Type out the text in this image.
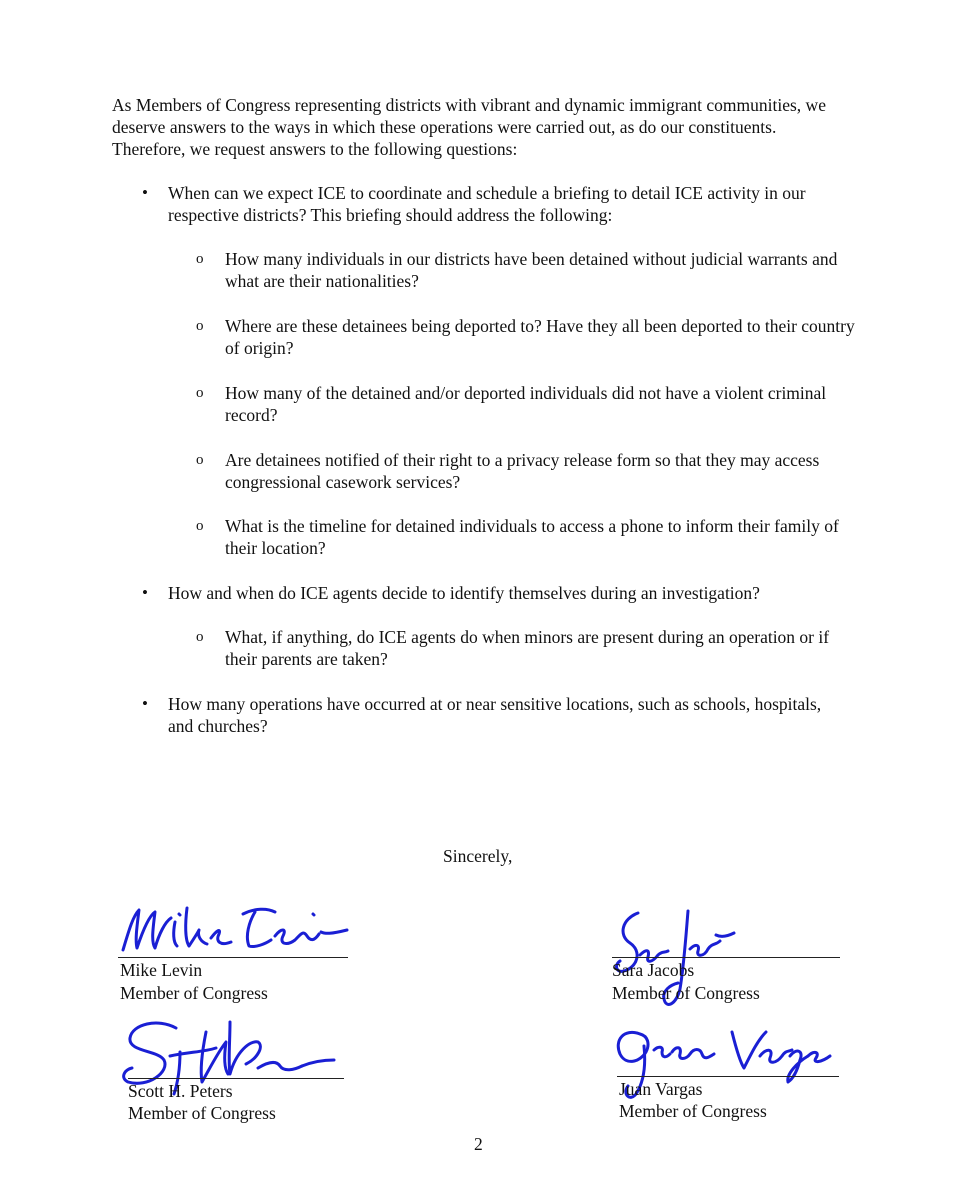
As Members of Congress representing districts with vibrant and dynamic immigrant communities, we deserve answers to the ways in which these operations were carried out, as do our constituents. Therefore, we request answers to the following questions:

• When can we expect ICE to coordinate and schedule a briefing to detail ICE activity in our respective districts? This briefing should address the following:

o How many individuals in our districts have been detained without judicial warrants and what are their nationalities?

o Where are these detainees being deported to? Have they all been deported to their country of origin?

o How many of the detained and/or deported individuals did not have a violent criminal record?

o Are detainees notified of their right to a privacy release form so that they may access congressional casework services?

o What is the timeline for detained individuals to access a phone to inform their family of their location?

• How and when do ICE agents decide to identify themselves during an investigation?

o What, if anything, do ICE agents do when minors are present during an operation or if their parents are taken?

• How many operations have occurred at or near sensitive locations, such as schools, hospitals, and churches?

Sincerely,
Mike Levin
Member of Congress
Sara Jacobs
Member of Congress
Scott H. Peters
Member of Congress
Juan Vargas
Member of Congress
2
